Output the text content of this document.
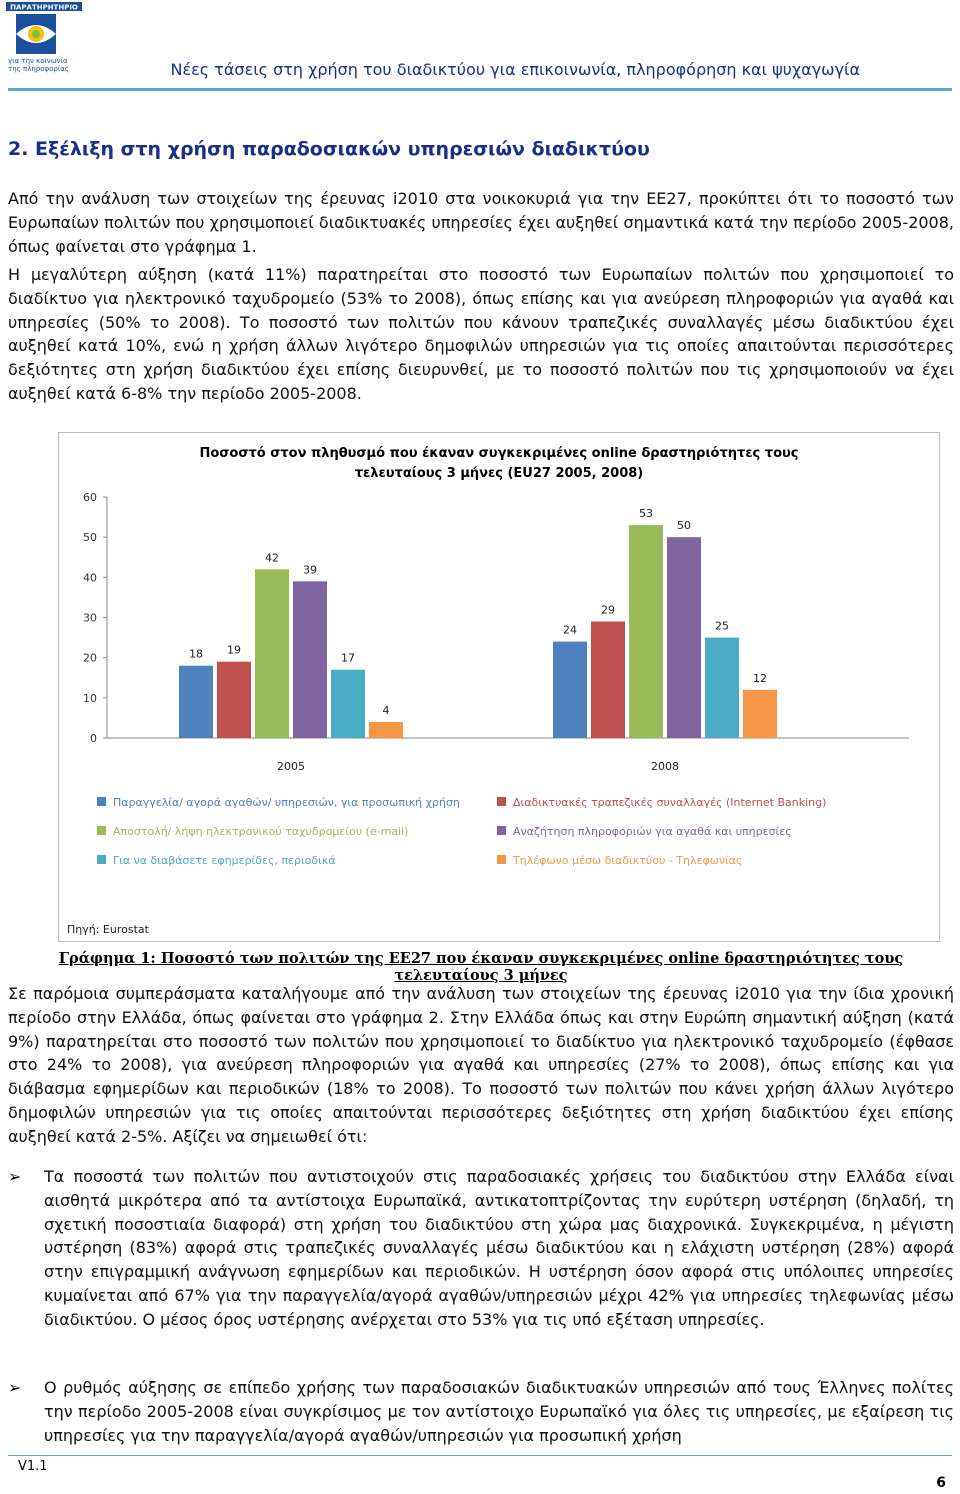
ΠΑΡΑΤΗΡΗΤΗΡΙΟ
για την κοινωνία
της πληροφορίας	Νέες τάσεις στη χρήση του διαδικτύου για επικοινωνία, πληροφόρηση και ψυχαγωγία
2. Εξέλιξη στη χρήση παραδοσιακών υπηρεσιών διαδικτύου
Από την ανάλυση των στοιχείων της έρευνας i2010 στα νοικοκυριά για την ΕΕ27, προκύπτει ότι το ποσοστό των Ευρωπαίων πολιτών που χρησιμοποιεί διαδικτυακές υπηρεσίες έχει αυξηθεί σημαντικά κατά την περίοδο 2005-2008, όπως φαίνεται στο γράφημα 1.
Η μεγαλύτερη αύξηση (κατά 11%) παρατηρείται στο ποσοστό των Ευρωπαίων πολιτών που χρησιμοποιεί το διαδίκτυο για ηλεκτρονικό ταχυδρομείο (53% το 2008), όπως επίσης και για ανεύρεση πληροφοριών για αγαθά και υπηρεσίες (50% το 2008). Το ποσοστό των πολιτών που κάνουν τραπεζικές συναλλαγές μέσω διαδικτύου έχει αυξηθεί κατά 10%, ενώ η χρήση άλλων λιγότερο δημοφιλών υπηρεσιών για τις οποίες απαιτούνται περισσότερες δεξιότητες στη χρήση διαδικτύου έχει επίσης διευρυνθεί, με το ποσοστό πολιτών που τις χρησιμοποιούν να έχει αυξηθεί κατά 6-8% την περίοδο 2005-2008.
Ποσοστό στον πληθυσμό που έκαναν συγκεκριμένες online δραστηριότητες τους
τελευταίους 3 μήνες (EU27 2005, 2008)
0
10
20
30
40
50
60
18 19
42
39
17
4
2005
24
29
53
50
25
12
2008
Παραγγελία/ αγορά αγαθών/ υπηρεσιών, για προσωπική χρήση	Διαδικτυακές τραπεζικές συναλλαγές (Internet Banking)
Αποστολή/ λήψη ηλεκτρονικού ταχυδρομείου (e-mail)	Αναζήτηση πληροφοριών για αγαθά και υπηρεσίες
Για να διαβάσετε εφημερίδες, περιοδικά	Τηλέφωνο μέσω διαδικτύου - Τηλεφωνίας
Πηγή: Eurostat
Γράφημα 1: Ποσοστό των πολιτών της ΕΕ27 που έκαναν συγκεκριμένες online δραστηριότητες τους τελευταίους 3 μήνες
Σε παρόμοια συμπεράσματα καταλήγουμε από την ανάλυση των στοιχείων της έρευνας i2010 για την ίδια χρονική περίοδο στην Ελλάδα, όπως φαίνεται στο γράφημα 2. Στην Ελλάδα όπως και στην Ευρώπη σημαντική αύξηση (κατά 9%) παρατηρείται στο ποσοστό των πολιτών που χρησιμοποιεί το διαδίκτυο για ηλεκτρονικό ταχυδρομείο (έφθασε στο 24% το 2008), για ανεύρεση πληροφοριών για αγαθά και υπηρεσίες (27% το 2008), όπως επίσης και για διάβασμα εφημερίδων και περιοδικών (18% το 2008). Το ποσοστό των πολιτών που κάνει χρήση άλλων λιγότερο δημοφιλών υπηρεσιών για τις οποίες απαιτούνται περισσότερες δεξιότητες στη χρήση διαδικτύου έχει επίσης αυξηθεί κατά 2-5%. Αξίζει να σημειωθεί ότι:
➢ Τα ποσοστά των πολιτών που αντιστοιχούν στις παραδοσιακές χρήσεις του διαδικτύου στην Ελλάδα είναι αισθητά μικρότερα από τα αντίστοιχα Ευρωπαϊκά, αντικατοπτρίζοντας την ευρύτερη υστέρηση (δηλαδή, τη σχετική ποσοστιαία διαφορά) στη χρήση του διαδικτύου στη χώρα μας διαχρονικά. Συγκεκριμένα, η μέγιστη υστέρηση (83%) αφορά στις τραπεζικές συναλλαγές μέσω διαδικτύου και η ελάχιστη υστέρηση (28%) αφορά στην επιγραμμική ανάγνωση εφημερίδων και περιοδικών. Η υστέρηση όσον αφορά στις υπόλοιπες υπηρεσίες κυμαίνεται από 67% για την παραγγελία/αγορά αγαθών/υπηρεσιών μέχρι 42% για υπηρεσίες τηλεφωνίας μέσω διαδικτύου. Ο μέσος όρος υστέρησης ανέρχεται στο 53% για τις υπό εξέταση υπηρεσίες.
➢ Ο ρυθμός αύξησης σε επίπεδο χρήσης των παραδοσιακών διαδικτυακών υπηρεσιών από τους Έλληνες πολίτες την περίοδο 2005-2008 είναι συγκρίσιμος με τον αντίστοιχο Ευρωπαϊκό για όλες τις υπηρεσίες, με εξαίρεση τις υπηρεσίες για την παραγγελία/αγορά αγαθών/υπηρεσιών για προσωπική χρήση
V1.1
6
